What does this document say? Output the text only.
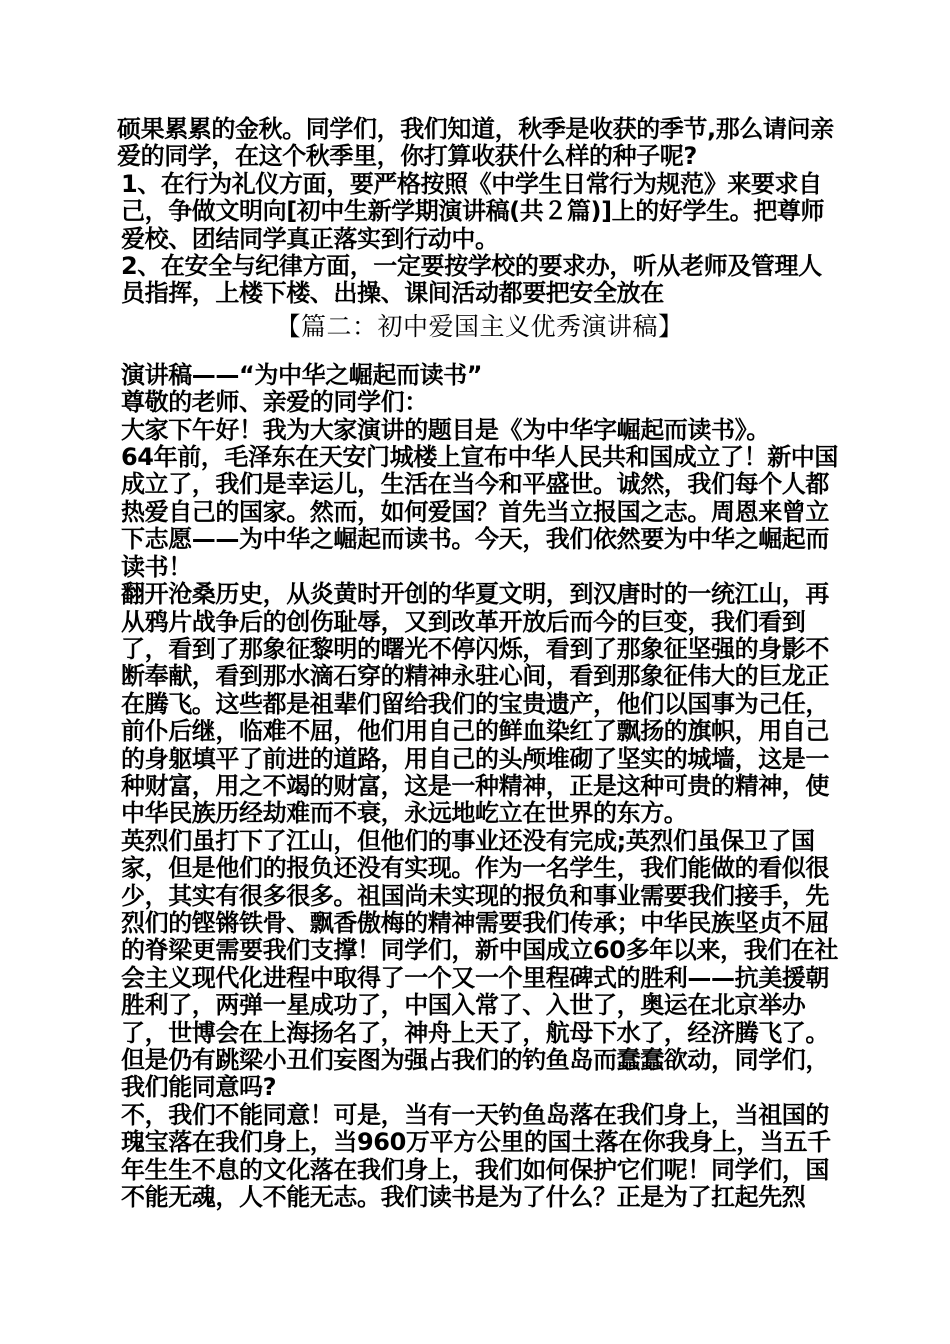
硕果累累的金秋。同学们，我们知道，秋季是收获的季节,那么请问亲爱的同学，在这个秋季里，你打算收获什么样的种子呢?

1、在行为礼仪方面，要严格按照《中学生日常行为规范》来要求自己，争做文明向[初中生新学期演讲稿(共２篇)]上的好学生。把尊师爱校、团结同学真正落实到行动中。

2、在安全与纪律方面，一定要按学校的要求办，听从老师及管理人员指挥，上楼下楼、出操、课间活动都要把安全放在

【篇二：初中爱国主义优秀演讲稿】

演讲稿——“为中华之崛起而读书”

尊敬的老师、亲爱的同学们：

大家下午好！我为大家演讲的题目是《为中华字崛起而读书》。

64年前，毛泽东在天安门城楼上宣布中华人民共和国成立了！新中国成立了，我们是幸运儿，生活在当今和平盛世。诚然，我们每个人都热爱自己的国家。然而，如何爱国？首先当立报国之志。周恩来曾立下志愿——为中华之崛起而读书。今天，我们依然要为中华之崛起而读书！

翻开沧桑历史，从炎黄时开创的华夏文明，到汉唐时的一统江山，再从鸦片战争后的创伤耻辱，又到改革开放后而今的巨变，我们看到了，看到了那象征黎明的曙光不停闪烁，看到了那象征坚强的身影不断奉献，看到那水滴石穿的精神永驻心间，看到那象征伟大的巨龙正在腾飞。这些都是祖辈们留给我们的宝贵遗产，他们以国事为己任，前仆后继，临难不屈，他们用自己的鲜血染红了飘扬的旗帜，用自己的身躯填平了前进的道路，用自己的头颅堆砌了坚实的城墙，这是一种财富，用之不竭的财富，这是一种精神，正是这种可贵的精神，使中华民族历经劫难而不衰，永远地屹立在世界的东方。

英烈们虽打下了江山，但他们的事业还没有完成;英烈们虽保卫了国家，但是他们的报负还没有实现。作为一名学生，我们能做的看似很少，其实有很多很多。祖国尚未实现的报负和事业需要我们接手，先烈们的铿锵铁骨、飘香傲梅的精神需要我们传承；中华民族坚贞不屈的脊梁更需要我们支撑！同学们，新中国成立60多年以来，我们在社会主义现代化进程中取得了一个又一个里程碑式的胜利——抗美援朝胜利了，两弹一星成功了，中国入常了、入世了，奥运在北京举办了，世博会在上海扬名了，神舟上天了，航母下水了，经济腾飞了。但是仍有跳梁小丑们妄图为强占我们的钓鱼岛而蠢蠢欲动，同学们，我们能同意吗?

不，我们不能同意！可是，当有一天钓鱼岛落在我们身上，当祖国的瑰宝落在我们身上，当960万平方公里的国土落在你我身上，当五千年生生不息的文化落在我们身上，我们如何保护它们呢！同学们，国不能无魂，人不能无志。我们读书是为了什么？正是为了扛起先烈
